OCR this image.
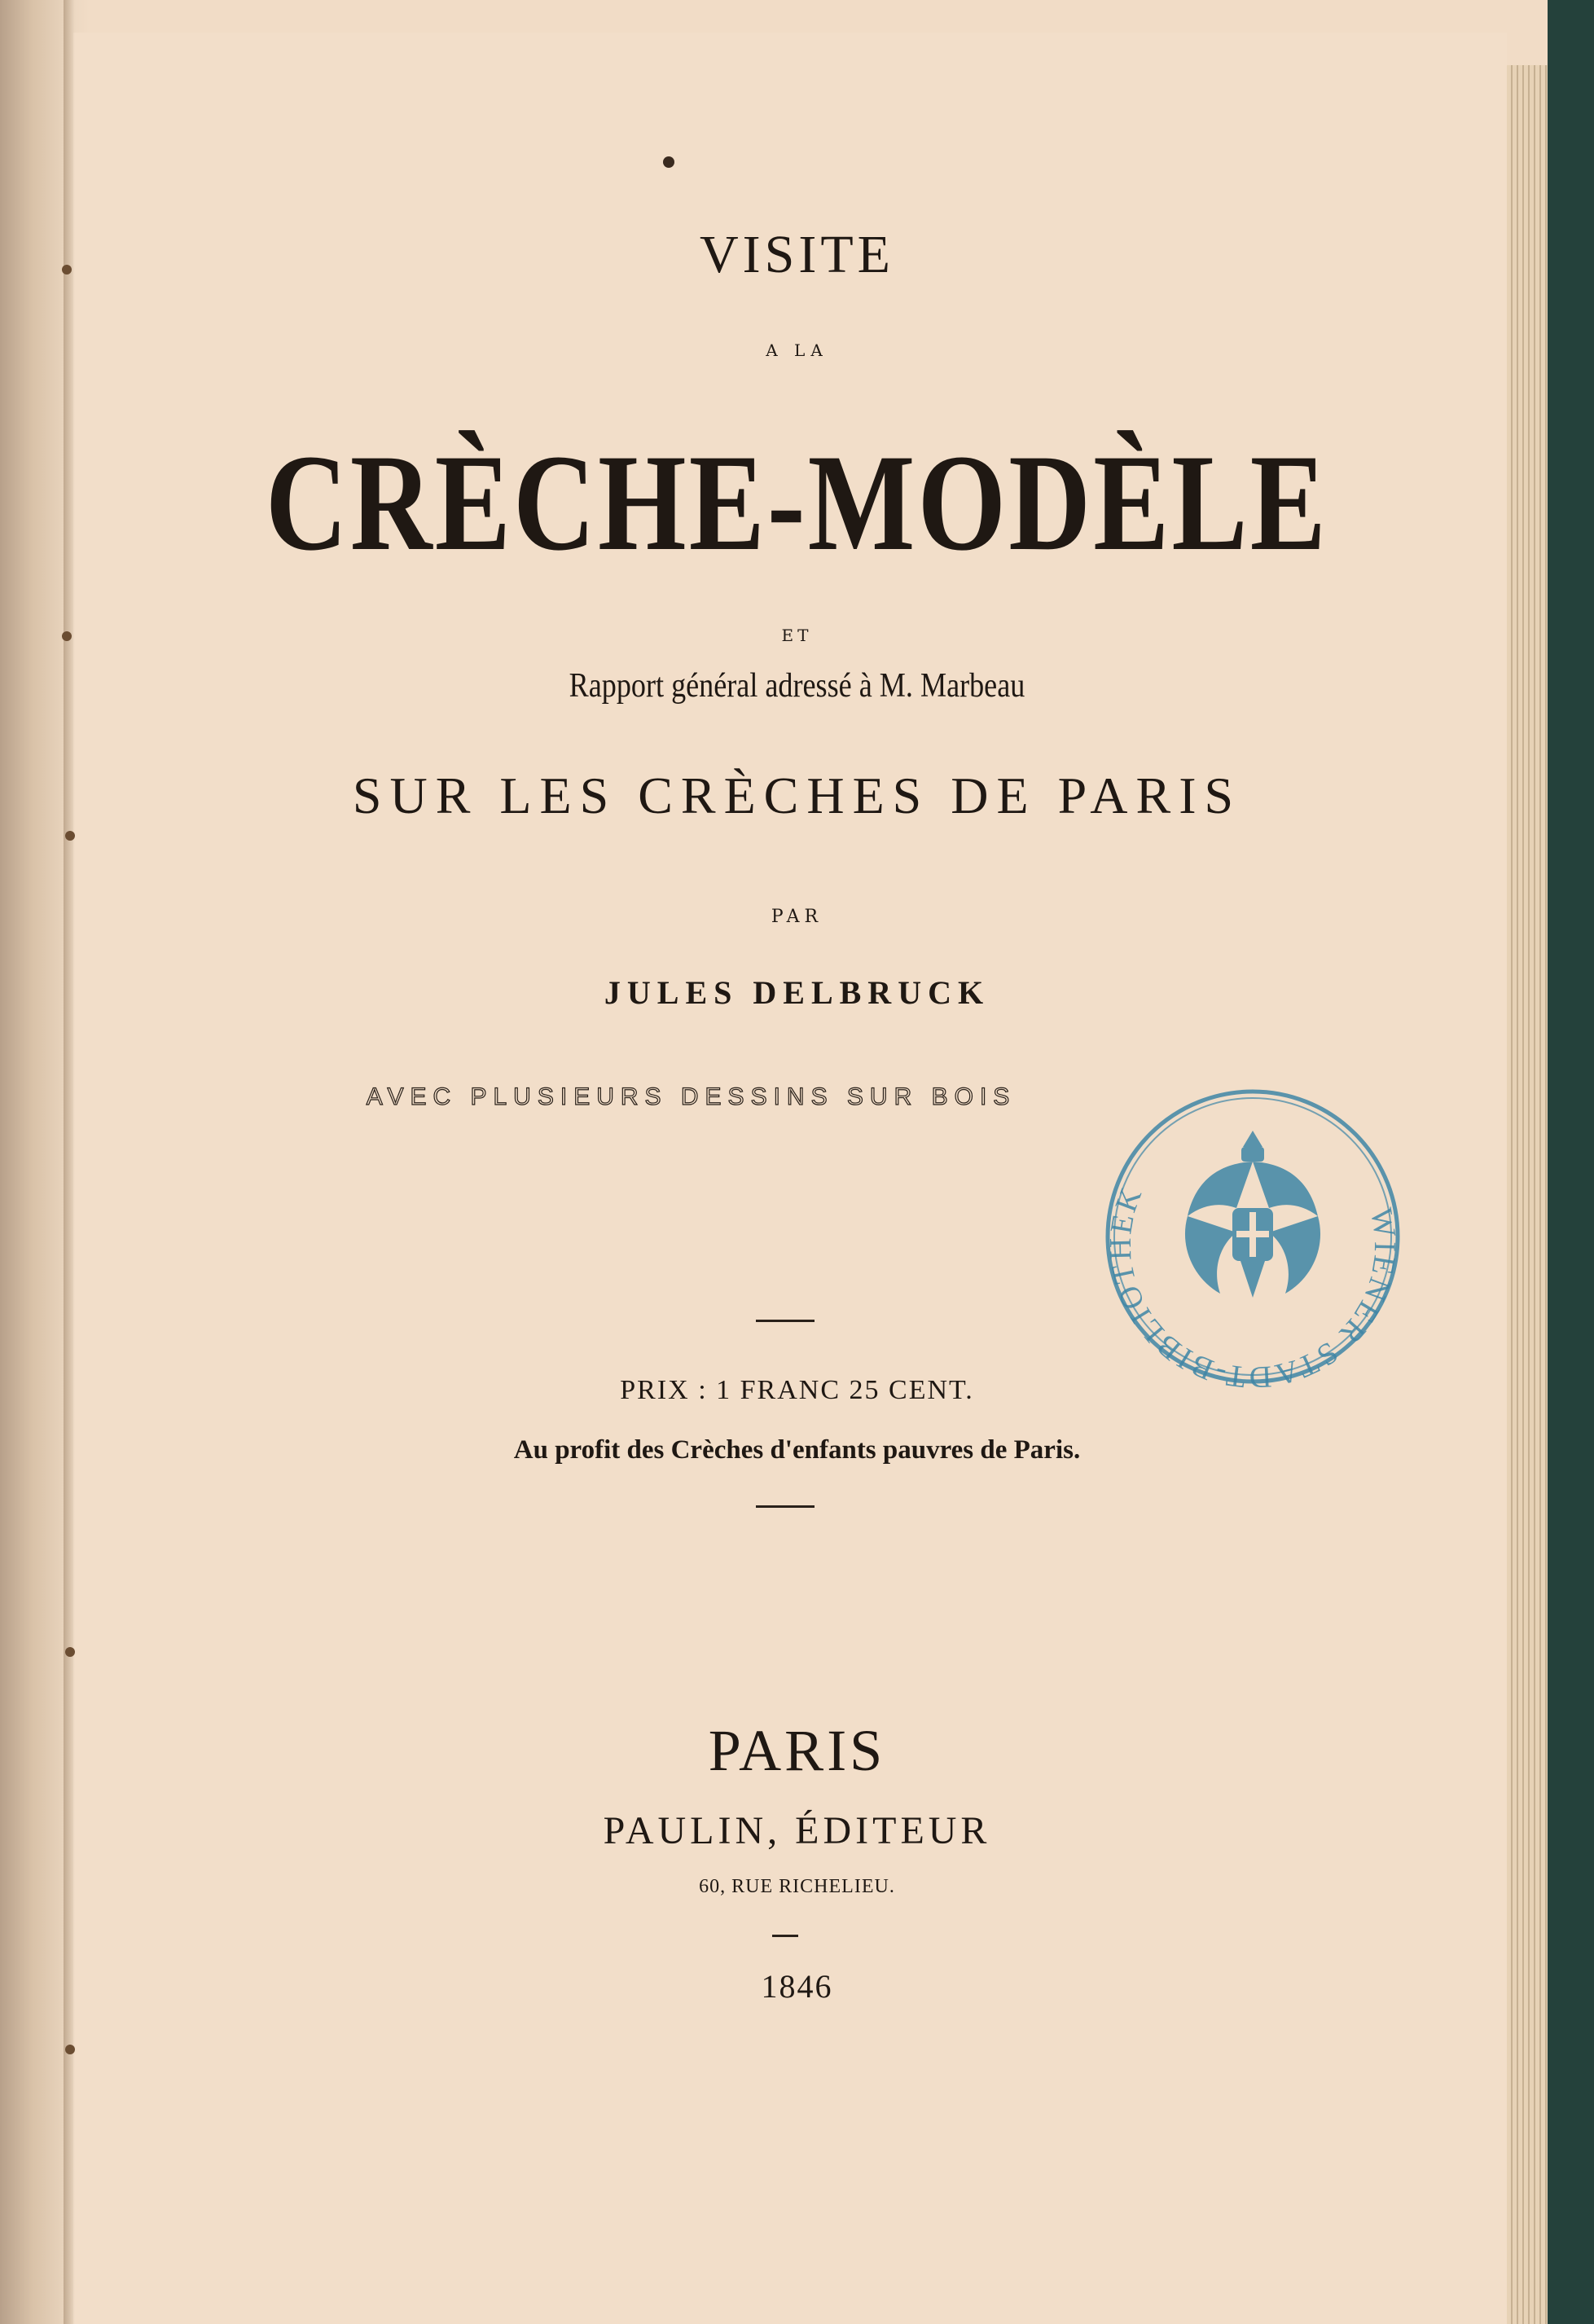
VISITE
A LA
CRÈCHE-MODÈLE
ET
Rapport général adressé à M. Marbeau
SUR LES CRÈCHES DE PARIS
PAR
JULES DELBRUCK
AVEC PLUSIEURS DESSINS SUR BOIS
PRIX : 1 FRANC 25 CENT.
Au profit des Crèches d'enfants pauvres de Paris.
PARIS
PAULIN, ÉDITEUR
60, RUE RICHELIEU.
1846
WIENER STADT-BIBLIOTHEK
